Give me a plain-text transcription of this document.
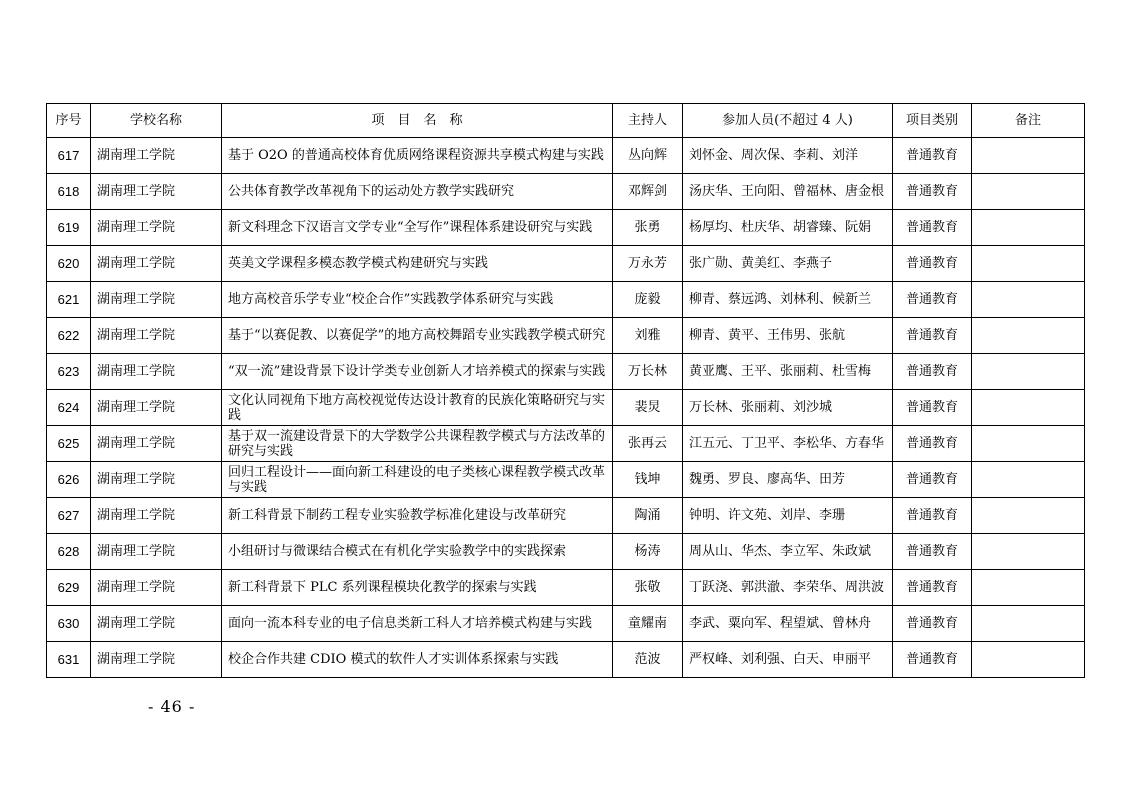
序号	学校名称	项　目　名　称	主持人	参加人员(不超过 4 人)	项目类别	备注
617	湖南理工学院	基于 O2O 的普通高校体育优质网络课程资源共享模式构建与实践	丛向辉	刘怀金、周次保、李莉、刘洋	普通教育	
618	湖南理工学院	公共体育教学改革视角下的运动处方教学实践研究	邓辉剑	汤庆华、王向阳、曾福林、唐金根	普通教育	
619	湖南理工学院	新文科理念下汉语言文学专业“全写作”课程体系建设研究与实践	张勇	杨厚均、杜庆华、胡睿臻、阮娟	普通教育	
620	湖南理工学院	英美文学课程多模态教学模式构建研究与实践	万永芳	张广勋、黄美红、李燕子	普通教育	
621	湖南理工学院	地方高校音乐学专业“校企合作”实践教学体系研究与实践	庞毅	柳青、蔡远鸿、刘林利、候新兰	普通教育	
622	湖南理工学院	基于“以赛促教、以赛促学”的地方高校舞蹈专业实践教学模式研究	刘雅	柳青、黄平、王伟男、张航	普通教育	
623	湖南理工学院	“双一流”建设背景下设计学类专业创新人才培养模式的探索与实践	万长林	黄亚鹰、王平、张丽莉、杜雪梅	普通教育	
624	湖南理工学院	文化认同视角下地方高校视觉传达设计教育的民族化策略研究与实践	裴炅	万长林、张丽莉、刘沙城	普通教育	
625	湖南理工学院	基于双一流建设背景下的大学数学公共课程教学模式与方法改革的研究与实践	张再云	江五元、丁卫平、李松华、方春华	普通教育	
626	湖南理工学院	回归工程设计——面向新工科建设的电子类核心课程教学模式改革与实践	钱坤	魏勇、罗良、廖高华、田芳	普通教育	
627	湖南理工学院	新工科背景下制药工程专业实验教学标准化建设与改革研究	陶涌	钟明、许文苑、刘岸、李珊	普通教育	
628	湖南理工学院	小组研讨与微课结合模式在有机化学实验教学中的实践探索	杨涛	周从山、华杰、李立军、朱政斌	普通教育	
629	湖南理工学院	新工科背景下 PLC 系列课程模块化教学的探索与实践	张敬	丁跃浇、郭洪澈、李荣华、周洪波	普通教育	
630	湖南理工学院	面向一流本科专业的电子信息类新工科人才培养模式构建与实践	童耀南	李武、粟向军、程望斌、曾林舟	普通教育	
631	湖南理工学院	校企合作共建 CDIO 模式的软件人才实训体系探索与实践	范波	严权峰、刘利强、白天、申丽平	普通教育	
- 46 -
